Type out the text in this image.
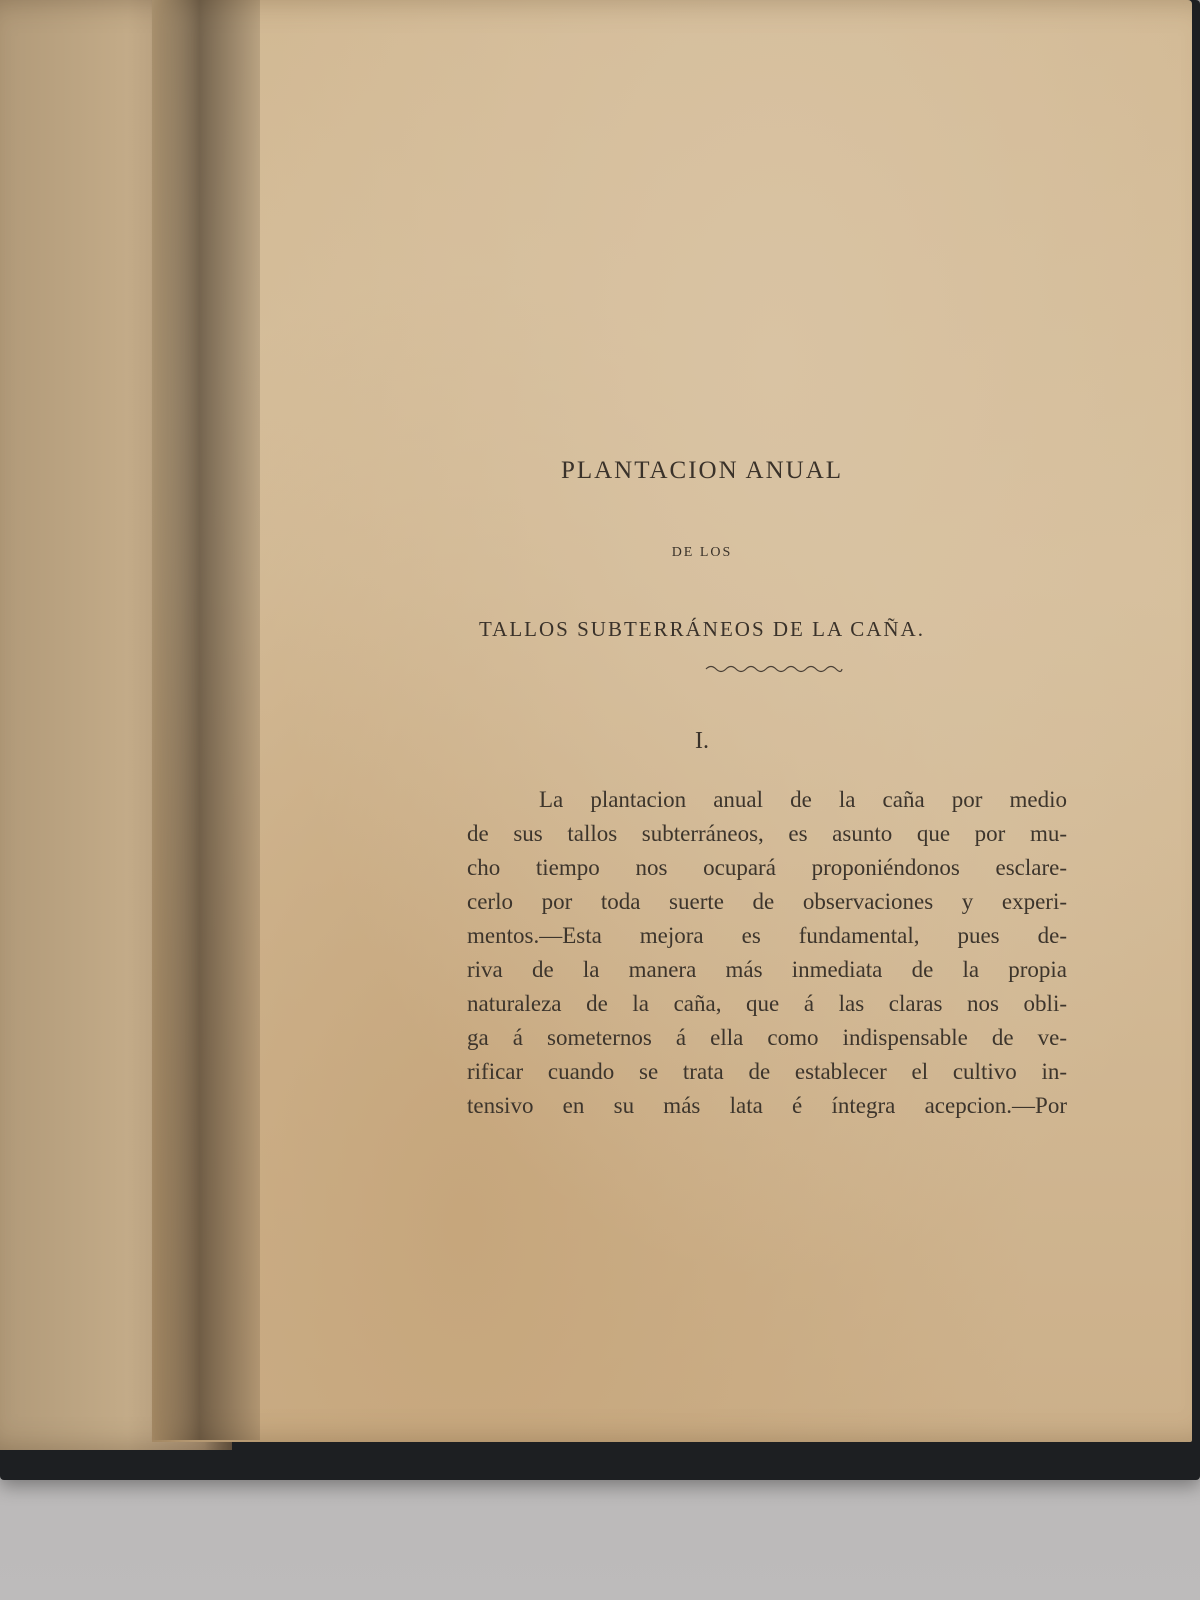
PLANTACION ANUAL
DE LOS
TALLOS SUBTERRÁNEOS DE LA CAÑA.
I.
La plantacion anual de la caña por medio
de sus tallos subterráneos, es asunto que por mu-
cho tiempo nos ocupará proponiéndonos esclare-
cerlo por toda suerte de observaciones y experi-
mentos.—Esta mejora es fundamental, pues de-
riva de la manera más inmediata de la propia
naturaleza de la caña, que á las claras nos obli-
ga á someternos á ella como indispensable de ve-
rificar cuando se trata de establecer el cultivo in-
tensivo en su más lata é íntegra acepcion.—Por
